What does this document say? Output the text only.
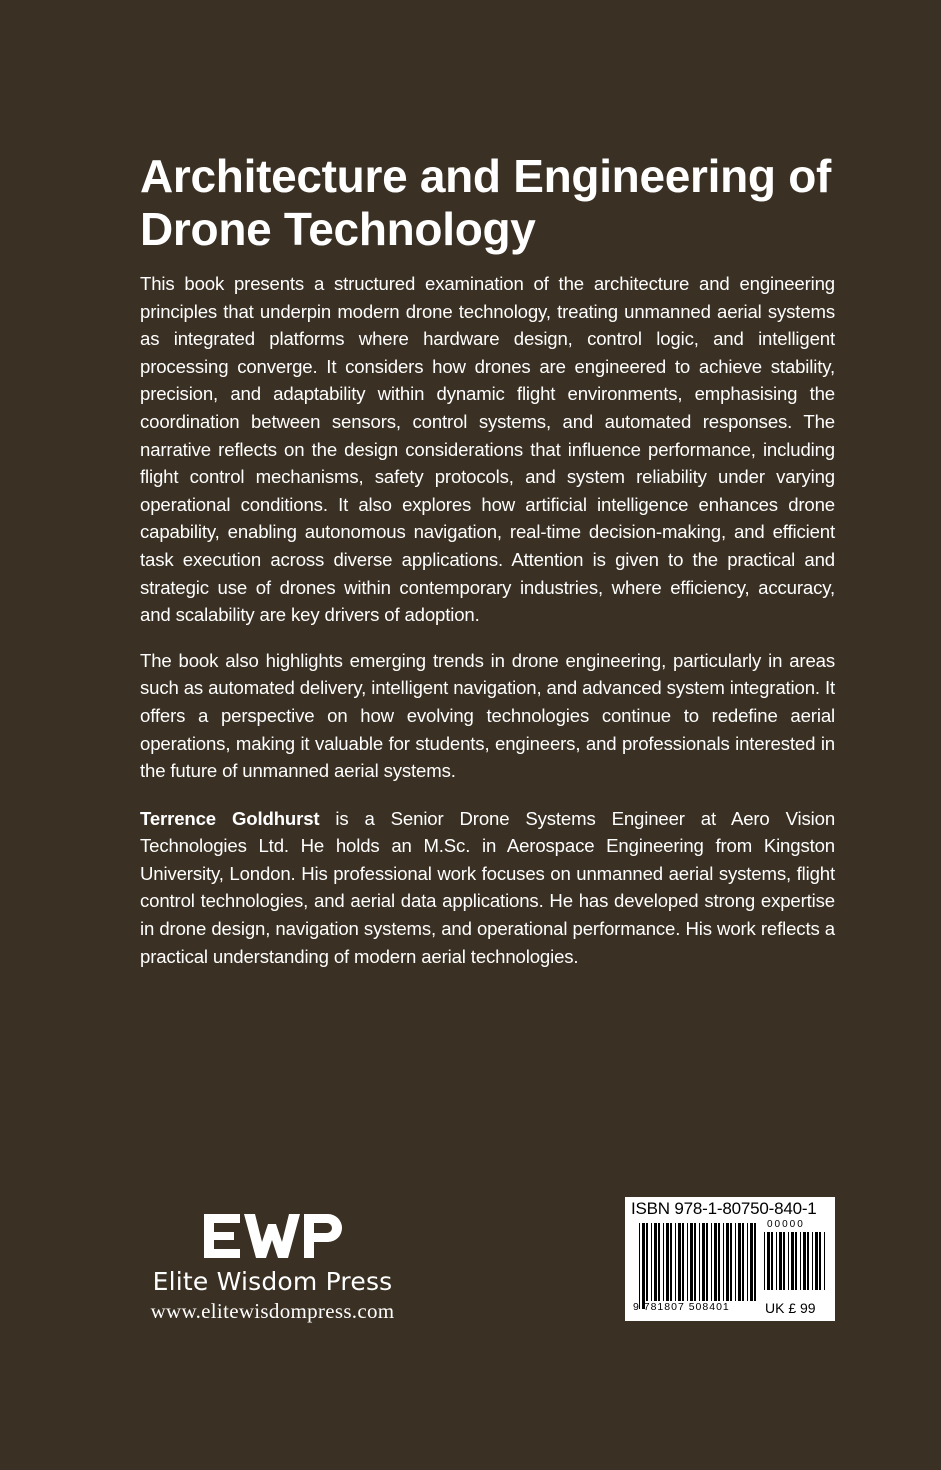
Architecture and Engineering of
Drone Technology

This book presents a structured examination of the architecture and engineering principles that underpin modern drone technology, treating unmanned aerial systems as integrated platforms where hardware design, control logic, and intelligent processing converge. It considers how drones are engineered to achieve stability, precision, and adaptability within dynamic flight environments, emphasising the coordination between sensors, control systems, and automated responses. The narrative reflects on the design considerations that influence performance, including flight control mechanisms, safety protocols, and system reliability under varying operational conditions. It also explores how artificial intelligence enhances drone capability, enabling autonomous navigation, real-time decision-making, and efficient task execution across diverse applications. Attention is given to the practical and strategic use of drones within contemporary industries, where efficiency, accuracy, and scalability are key drivers of adoption.

The book also highlights emerging trends in drone engineering, particularly in areas such as automated delivery, intelligent navigation, and advanced system integration. It offers a perspective on how evolving technologies continue to redefine aerial operations, making it valuable for students, engineers, and professionals interested in the future of unmanned aerial systems.

Terrence Goldhurst is a Senior Drone Systems Engineer at Aero Vision Technologies Ltd. He holds an M.Sc. in Aerospace Engineering from Kingston University, London. His professional work focuses on unmanned aerial systems, flight control technologies, and aerial data applications. He has developed strong expertise in drone design, navigation systems, and operational performance. His work reflects a practical understanding of modern aerial technologies.

Elite Wisdom Press
www.elitewisdompress.com
ISBN 978-1-80750-840-1
00000
9 781807 508401	UK £ 99
